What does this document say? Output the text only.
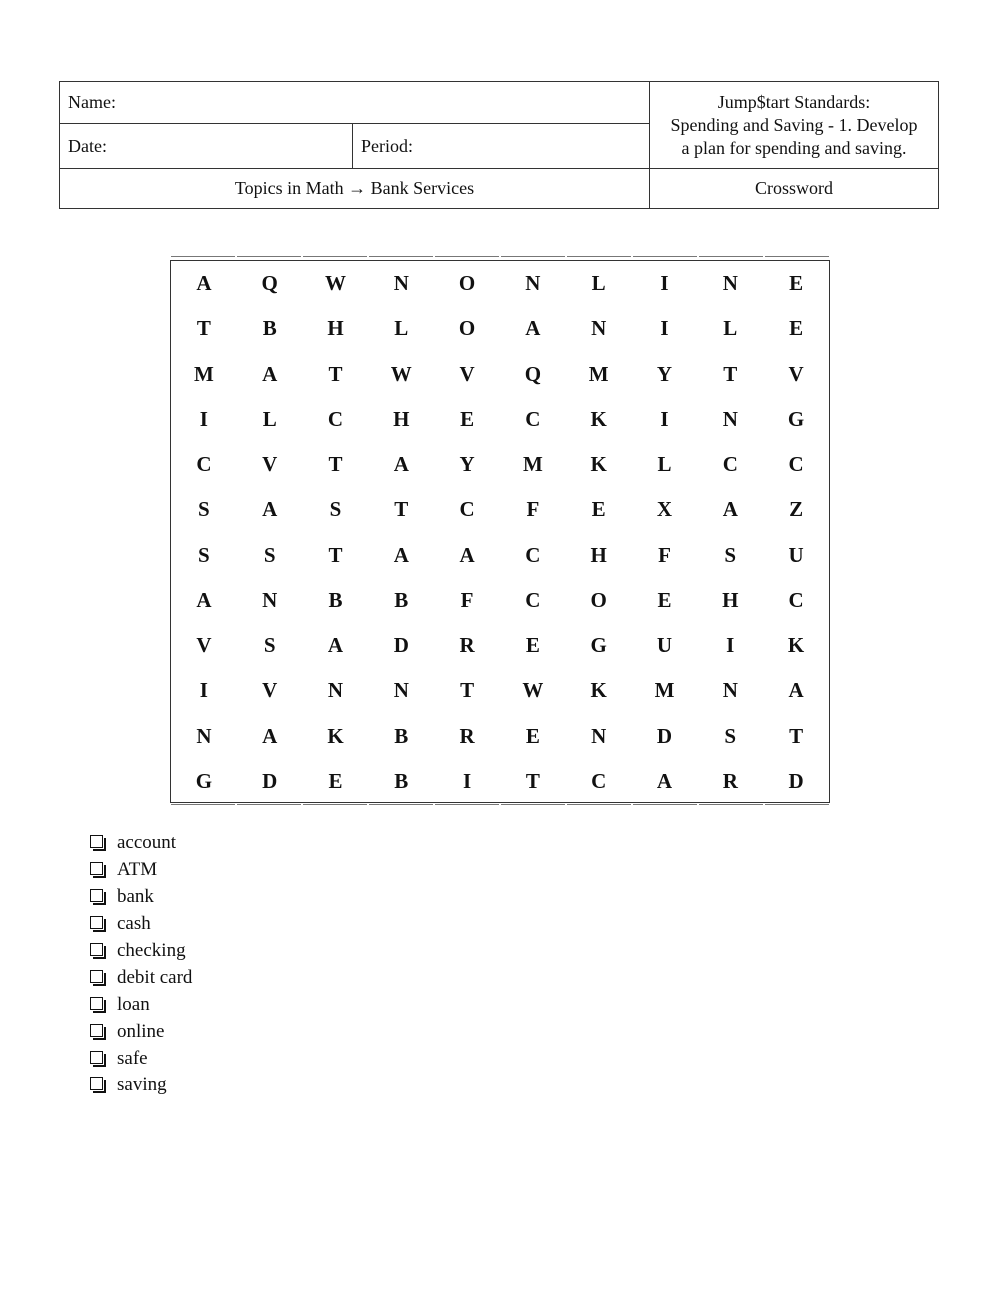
Name:		Jump$tart Standards:
Spending and Saving - 1. Develop
a plan for spending and saving.

Date:	Period:	
Topics in Math → Bank Services		Crossword
A	Q	W	N	O	N	L	I	N	E
T	B	H	L	O	A	N	I	L	E
M	A	T	W	V	Q	M	Y	T	V
I	L	C	H	E	C	K	I	N	G
C	V	T	A	Y	M	K	L	C	C
S	A	S	T	C	F	E	X	A	Z
S	S	T	A	A	C	H	F	S	U
A	N	B	B	F	C	O	E	H	C
V	S	A	D	R	E	G	U	I	K
I	V	N	N	T	W	K	M	N	A
N	A	K	B	R	E	N	D	S	T
G	D	E	B	I	T	C	A	R	D
account
ATM
bank
cash
checking
debit card
loan
online
safe
saving
